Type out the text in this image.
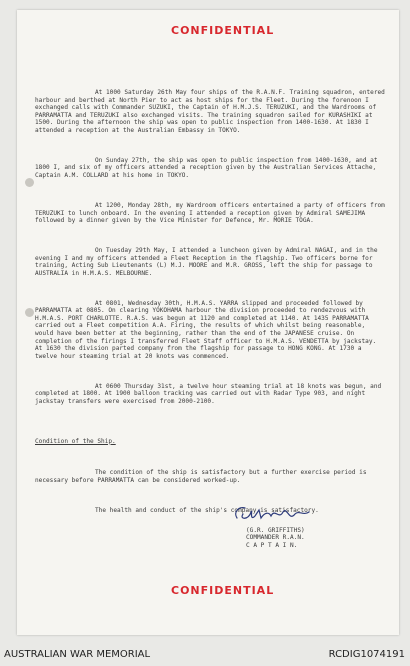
CONFIDENTIAL

At 1000 Saturday 26th May four ships of the R.A.N.F. Training squadron, entered harbour and berthed at North Pier to act as host ships for the Fleet. During the forenoon I exchanged calls with Commander SUZUKI, the Captain of H.M.J.S. TERUZUKI, and the Wardrooms of PARRAMATTA and TERUZUKI also exchanged visits. The training squadron sailed for KURASHIKI at 1500. During the afternoon the ship was open to public inspection from 1400-1630. At 1830 I attended a reception at the Australian Embassy in TOKYO.

On Sunday 27th, the ship was open to public inspection from 1400-1630, and at 1800 I, and six of my officers attended a reception given by the Australian Services Attache, Captain A.M. COLLARD at his home in TOKYO.

At 1200, Monday 28th, my Wardroom officers entertained a party of officers from TERUZUKI to lunch onboard. In the evening I attended a reception given by Admiral SAMEJIMA followed by a dinner given by the Vice Minister for Defence, Mr. MORIE TOGA.

On Tuesday 29th May, I attended a luncheon given by Admiral NAGAI, and in the evening I and my officers attended a Fleet Reception in the flagship. Two officers borne for training, Acting Sub Lieutenants (L) M.J. MOORE and M.R. GROSS, left the ship for passage to AUSTRALIA in H.M.A.S. MELBOURNE.

At 0801, Wednesday 30th, H.M.A.S. YARRA slipped and proceeded followed by PARRAMATTA at 0805. On clearing YOKOHAMA harbour the division proceeded to rendezvous with H.M.A.S. PORT CHARLOTTE. R.A.S. was begun at 1120 and completed at 1140. At 1435 PARRAMATTA carried out a Fleet competition A.A. Firing, the results of which whilst being reasonable, would have been better at the beginning, rather than the end of the JAPANESE cruise. On completion of the firings I transferred Fleet Staff officer to H.M.A.S. VENDETTA by jackstay. At 1630 the division parted company from the flagship for passage to HONG KONG. At 1730 a twelve hour steaming trial at 20 knots was commenced.

At 0600 Thursday 31st, a twelve hour steaming trial at 18 knots was begun, and completed at 1800. At 1900 balloon tracking was carried out with Radar Type 903, and night jackstay transfers were exercised from 2000-2100.

Condition of the Ship.

The condition of the ship is satisfactory but a further exercise period is necessary before PARRAMATTA can be considered worked-up.

The health and conduct of the ship's company is satisfactory.

(G.R. GRIFFITHS)
COMMANDER R.A.N.
C A P T A I N.
CONFIDENTIAL
AUSTRALIAN WAR MEMORIAL	RCDIG1074191
